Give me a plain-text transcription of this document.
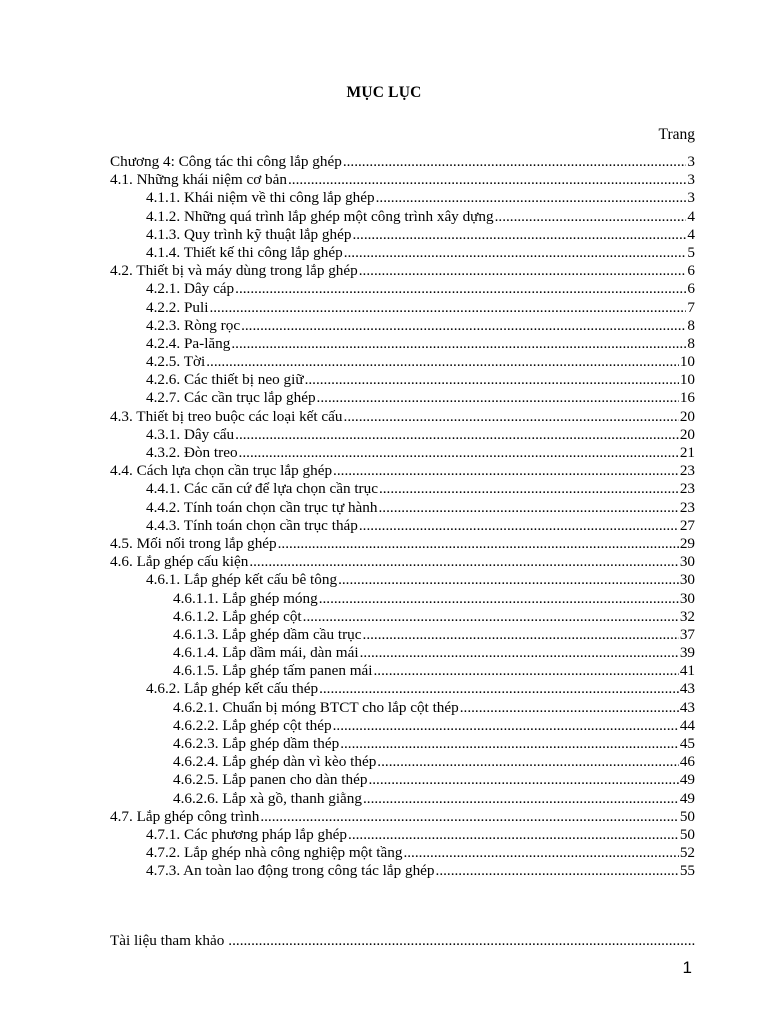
MỤC LỤC
Trang
Chương 4: Công tác thi công lắp ghép .....	3
4.1. Những khái niệm cơ bản .....	3
4.1.1. Khái niệm về thi công lắp ghép .....	3
4.1.2. Những quá trình lắp ghép một công trình xây dựng .....	4
4.1.3. Quy trình kỹ thuật lắp ghép .....	4
4.1.4. Thiết kế thi công lắp ghép .....	5
4.2. Thiết bị và máy dùng trong lắp ghép .....	6
4.2.1. Dây cáp .....	6
4.2.2. Puli .....	7
4.2.3. Ròng rọc .....	8
4.2.4. Pa-lăng .....	8
4.2.5. Tời .....	10
4.2.6. Các thiết bị neo giữ .....	10
4.2.7. Các cần trục lắp ghép .....	16
4.3. Thiết bị treo buộc các loại kết cấu .....	20
4.3.1. Dây cẩu .....	20
4.3.2. Đòn treo .....	21
4.4. Cách lựa chọn cần trục lắp ghép .....	23
4.4.1. Các căn cứ để lựa chọn cần trục .....	23
4.4.2. Tính toán chọn cần trục tự hành .....	23
4.4.3. Tính toán chọn cần trục tháp .....	27
4.5. Mối nối trong lắp ghép .....	29
4.6. Lắp ghép cấu kiện .....	30
4.6.1. Lắp ghép kết cấu bê tông .....	30
4.6.1.1. Lắp ghép móng .....	30
4.6.1.2. Lắp ghép cột .....	32
4.6.1.3. Lắp ghép dầm cầu trục .....	37
4.6.1.4. Lắp dầm mái, dàn mái .....	39
4.6.1.5. Lắp ghép tấm panen mái .....	41
4.6.2. Lắp ghép kết cấu thép .....	43
4.6.2.1. Chuẩn bị móng BTCT cho lắp cột thép .....	43
4.6.2.2. Lắp ghép cột thép .....	44
4.6.2.3. Lắp ghép dầm thép .....	45
4.6.2.4. Lắp ghép dàn vì kèo thép .....	46
4.6.2.5. Lắp panen cho dàn thép .....	49
4.6.2.6. Lắp xà gồ, thanh giằng .....	49
4.7. Lắp ghép công trình .....	50
4.7.1. Các phương pháp lắp ghép .....	50
4.7.2. Lắp ghép nhà công nghiệp một tầng .....	52
4.7.3. An toàn lao động trong công tác lắp ghép .....	55
Tài liệu tham khảo
.....
1
